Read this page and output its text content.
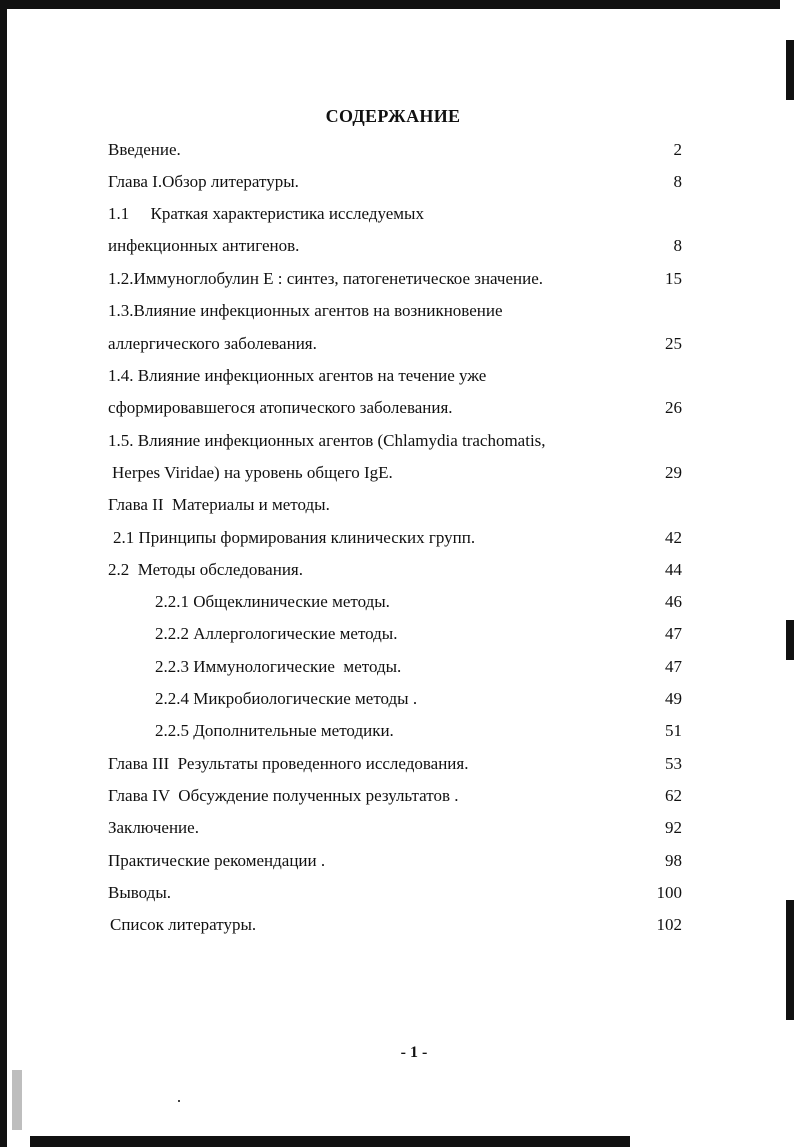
СОДЕРЖАНИЕ
Введение.	2
Глава I.Обзор литературы.	8
1.1     Краткая характеристика исследуемых
инфекционных антигенов.	8
1.2.Иммуноглобулин Е : синтез, патогенетическое значение.	15
1.3.Влияние инфекционных агентов на возникновение
аллергического заболевания.	25
1.4. Влияние инфекционных агентов на течение уже
сформировавшегося атопического заболевания.	26
1.5. Влияние инфекционных агентов (Chlamydia trachomatis,
Herpes Viridae) на уровень общего IgE.	29
Глава II  Материалы и методы.
2.1 Принципы формирования клинических групп.	42
2.2  Методы обследования.	44
2.2.1 Общеклинические методы.	46
2.2.2 Аллергологические методы.	47
2.2.3 Иммунологические  методы.	47
2.2.4 Микробиологические методы .	49
2.2.5 Дополнительные методики.	51
Глава III  Результаты проведенного исследования.	53
Глава IV  Обсуждение полученных результатов .	62
Заключение.	92
Практические рекомендации .	98
Выводы.	100
Список литературы.	102
- 1 -
